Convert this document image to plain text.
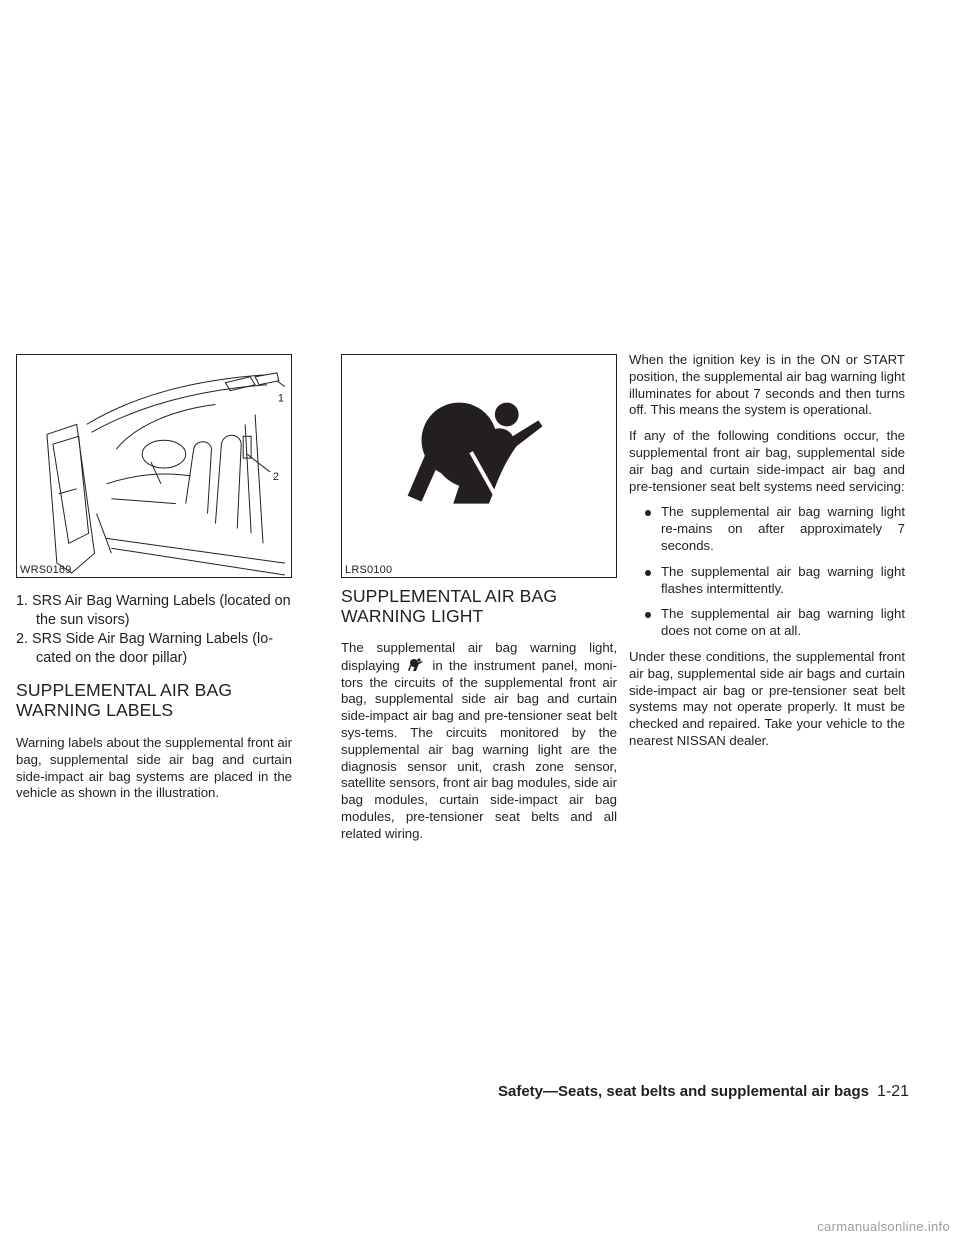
1
2
WRS0169	LRS0100

1. SRS Air Bag Warning Labels (located on the sun visors)

2. SRS Side Air Bag Warning Labels (lo-cated on the door pillar)

SUPPLEMENTAL AIR BAG WARNING LABELS

Warning labels about the supplemental front air bag, supplemental side air bag and curtain side-impact air bag systems are placed in the vehicle as shown in the illustration.

SUPPLEMENTAL AIR BAG WARNING LIGHT

The supplemental air bag warning light, displaying in the instrument panel, moni-tors the circuits of the supplemental front air bag, supplemental side air bag and curtain side-impact air bag and pre-tensioner seat belt sys-tems. The circuits monitored by the supplemental air bag warning light are the diagnosis sensor unit, crash zone sensor, satellite sensors, front air bag modules, side air bag modules, curtain side-impact air bag modules, pre-tensioner seat belts and all related wiring.

When the ignition key is in the ON or START position, the supplemental air bag warning light illuminates for about 7 seconds and then turns off. This means the system is operational.

If any of the following conditions occur, the supplemental front air bag, supplemental side air bag and curtain side-impact air bag and pre-tensioner seat belt systems need servicing:

The supplemental air bag warning light re-mains on after approximately 7 seconds.
The supplemental air bag warning light flashes intermittently.
The supplemental air bag warning light does not come on at all.

Under these conditions, the supplemental front air bag, supplemental side air bags and curtain side-impact air bag or pre-tensioner seat belt systems may not operate properly. It must be checked and repaired. Take your vehicle to the nearest NISSAN dealer.

Safety—Seats, seat belts and supplemental air bags 1-21
carmanualsonline.info
